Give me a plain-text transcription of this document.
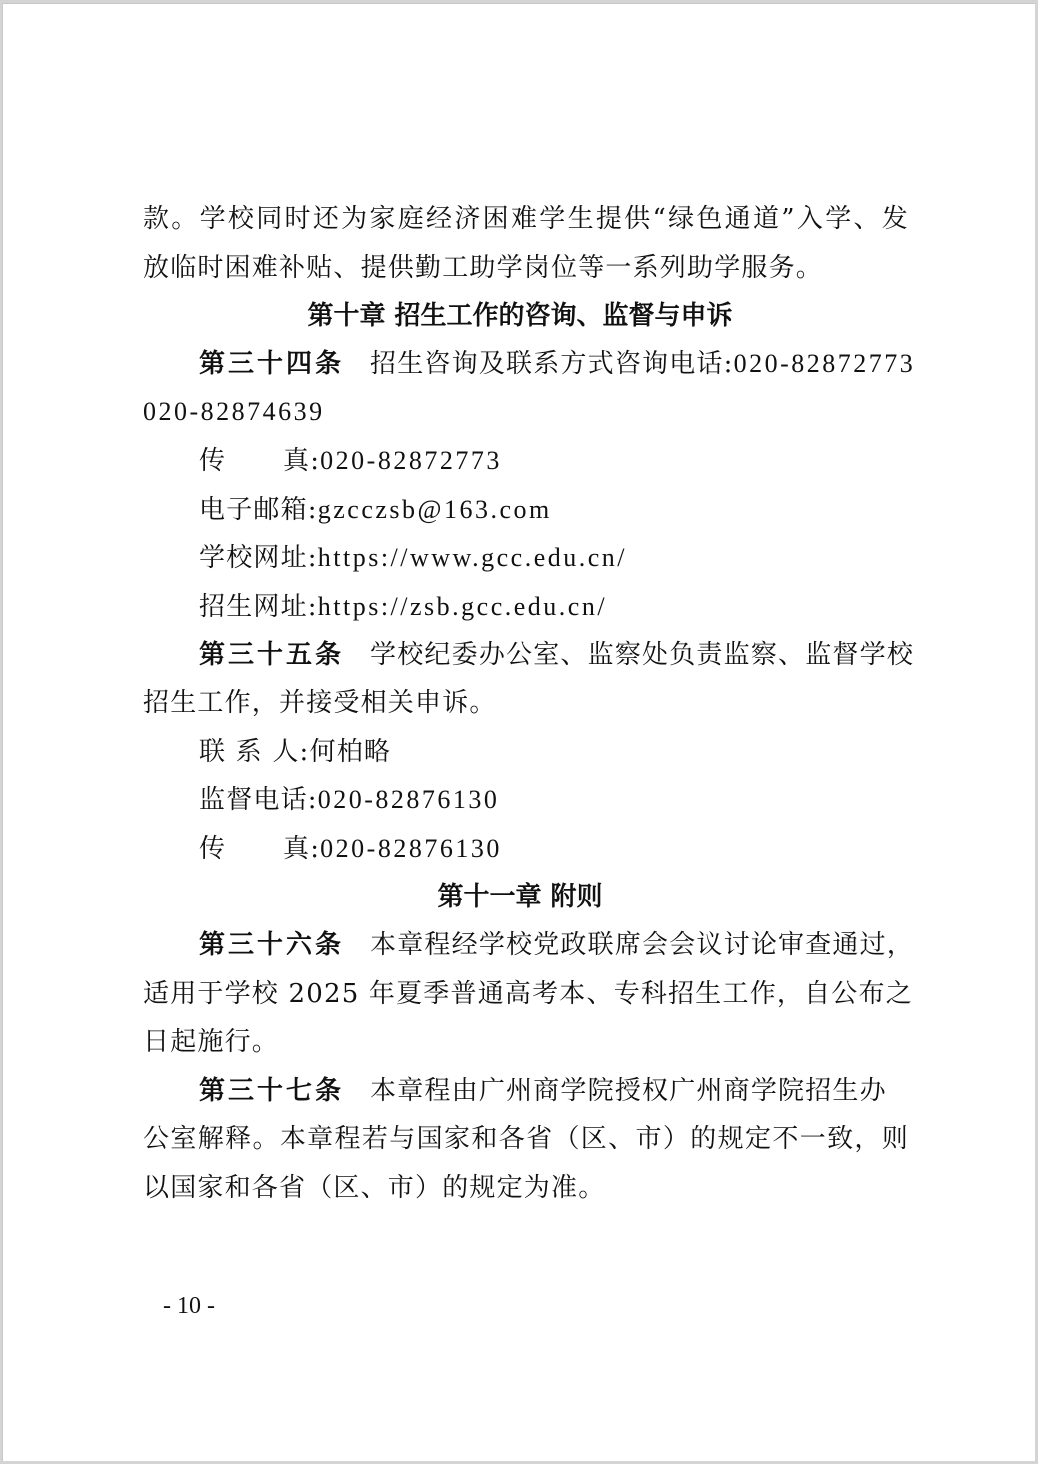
款。学校同时还为家庭经济困难学生提供“绿色通道”入学、发
放临时困难补贴、提供勤工助学岗位等一系列助学服务。
第十章 招生工作的咨询、监督与申诉
第三十四条 招生咨询及联系方式咨询电话:020-82872773
020-82874639
传      真:020-82872773
电子邮箱:gzcczsb@163.com
学校网址:https://www.gcc.edu.cn/
招生网址:https://zsb.gcc.edu.cn/
第三十五条 学校纪委办公室、监察处负责监察、监督学校
招生工作，并接受相关申诉。
联 系 人:何柏略
监督电话:020-82876130
传      真:020-82876130
第十一章 附则
第三十六条 本章程经学校党政联席会会议讨论审查通过，
适用于学校 2025 年夏季普通高考本、专科招生工作，自公布之
日起施行。
第三十七条 本章程由广州商学院授权广州商学院招生办
公室解释。本章程若与国家和各省（区、市）的规定不一致，则
以国家和各省（区、市）的规定为准。
- 10 -
